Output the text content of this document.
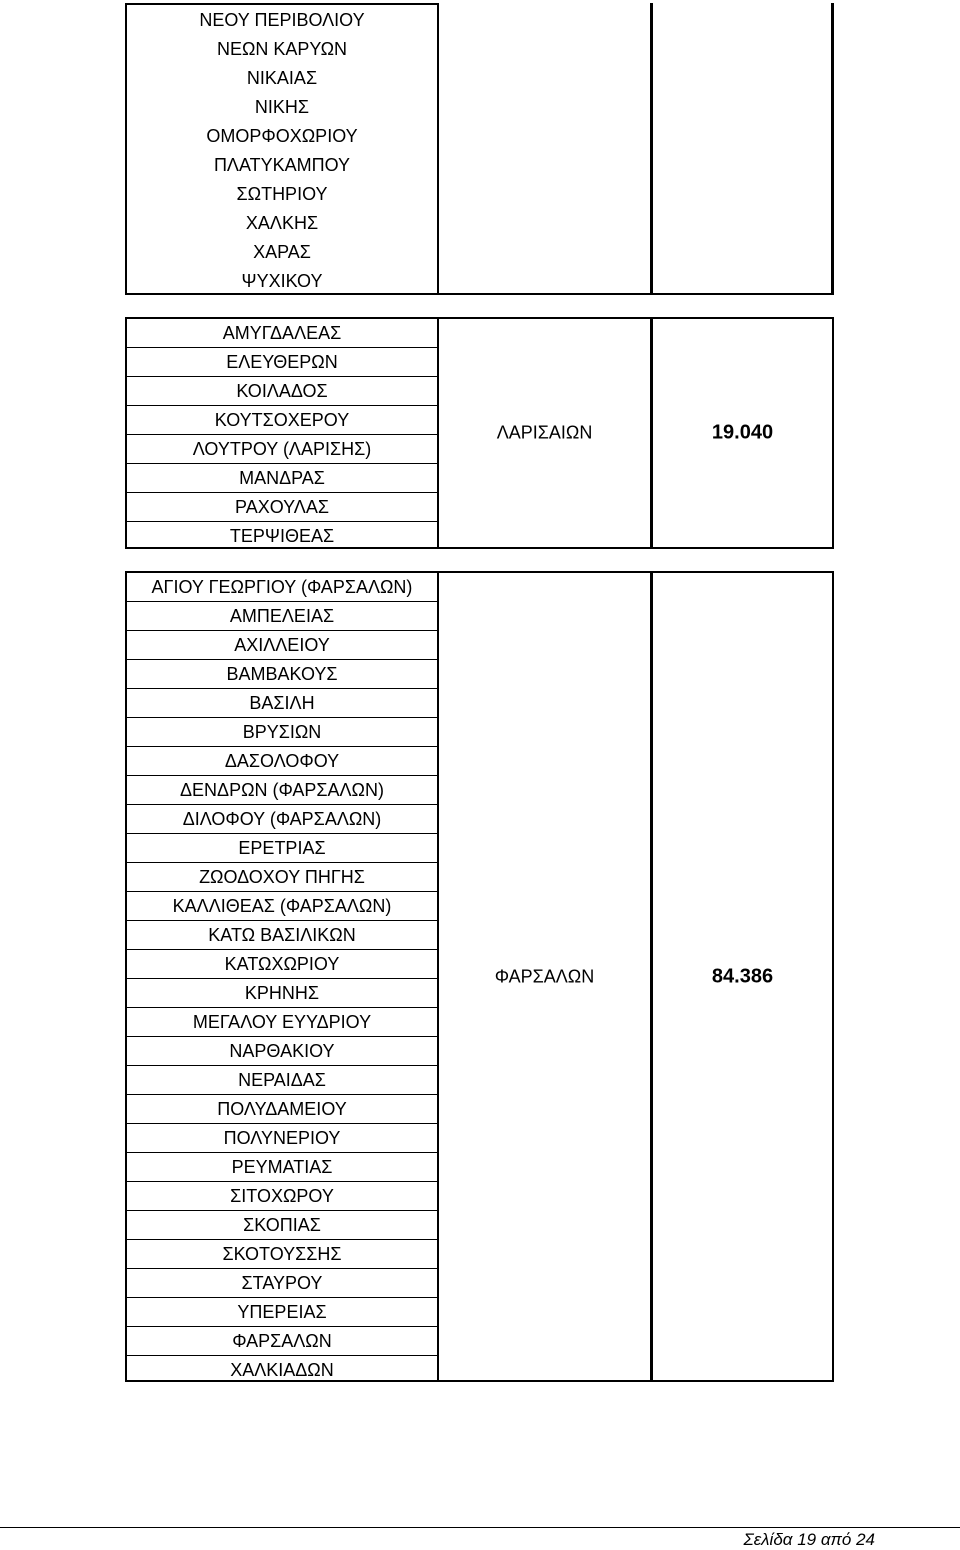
ΝΕΟΥ ΠΕΡΙΒΟΛΙΟΥ
ΝΕΩΝ ΚΑΡΥΩΝ
ΝΙΚΑΙΑΣ
ΝΙΚΗΣ
ΟΜΟΡΦΟΧΩΡΙΟΥ
ΠΛΑΤΥΚΑΜΠΟΥ
ΣΩΤΗΡΙΟΥ
ΧΑΛΚΗΣ
ΧΑΡΑΣ
ΨΥΧΙΚΟΥ
ΑΜΥΓΔΑΛΕΑΣ
ΕΛΕΥΘΕΡΩΝ
ΚΟΙΛΑΔΟΣ
ΚΟΥΤΣΟΧΕΡΟΥ
ΛΟΥΤΡΟΥ (ΛΑΡΙΣΗΣ)
ΜΑΝΔΡΑΣ
ΡΑΧΟΥΛΑΣ
ΤΕΡΨΙΘΕΑΣ
ΛΑΡΙΣΑΙΩΝ	19.040
ΑΓΙΟΥ ΓΕΩΡΓΙΟΥ (ΦΑΡΣΑΛΩΝ)
ΑΜΠΕΛΕΙΑΣ
ΑΧΙΛΛΕΙΟΥ
ΒΑΜΒΑΚΟΥΣ
ΒΑΣΙΛΗ
ΒΡΥΣΙΩΝ
ΔΑΣΟΛΟΦΟΥ
ΔΕΝΔΡΩΝ (ΦΑΡΣΑΛΩΝ)
ΔΙΛΟΦΟΥ (ΦΑΡΣΑΛΩΝ)
ΕΡΕΤΡΙΑΣ
ΖΩΟΔΟΧΟΥ ΠΗΓΗΣ
ΚΑΛΛΙΘΕΑΣ (ΦΑΡΣΑΛΩΝ)
ΚΑΤΩ ΒΑΣΙΛΙΚΩΝ
ΚΑΤΩΧΩΡΙΟΥ
ΚΡΗΝΗΣ
ΜΕΓΑΛΟΥ ΕΥΥΔΡΙΟΥ
ΝΑΡΘΑΚΙΟΥ
ΝΕΡΑΙΔΑΣ
ΠΟΛΥΔΑΜΕΙΟΥ
ΠΟΛΥΝΕΡΙΟΥ
ΡΕΥΜΑΤΙΑΣ
ΣΙΤΟΧΩΡΟΥ
ΣΚΟΠΙΑΣ
ΣΚΟΤΟΥΣΣΗΣ
ΣΤΑΥΡΟΥ
ΥΠΕΡΕΙΑΣ
ΦΑΡΣΑΛΩΝ
ΧΑΛΚΙΑΔΩΝ
ΦΑΡΣΑΛΩΝ	84.386
Σελίδα 19 από 24
